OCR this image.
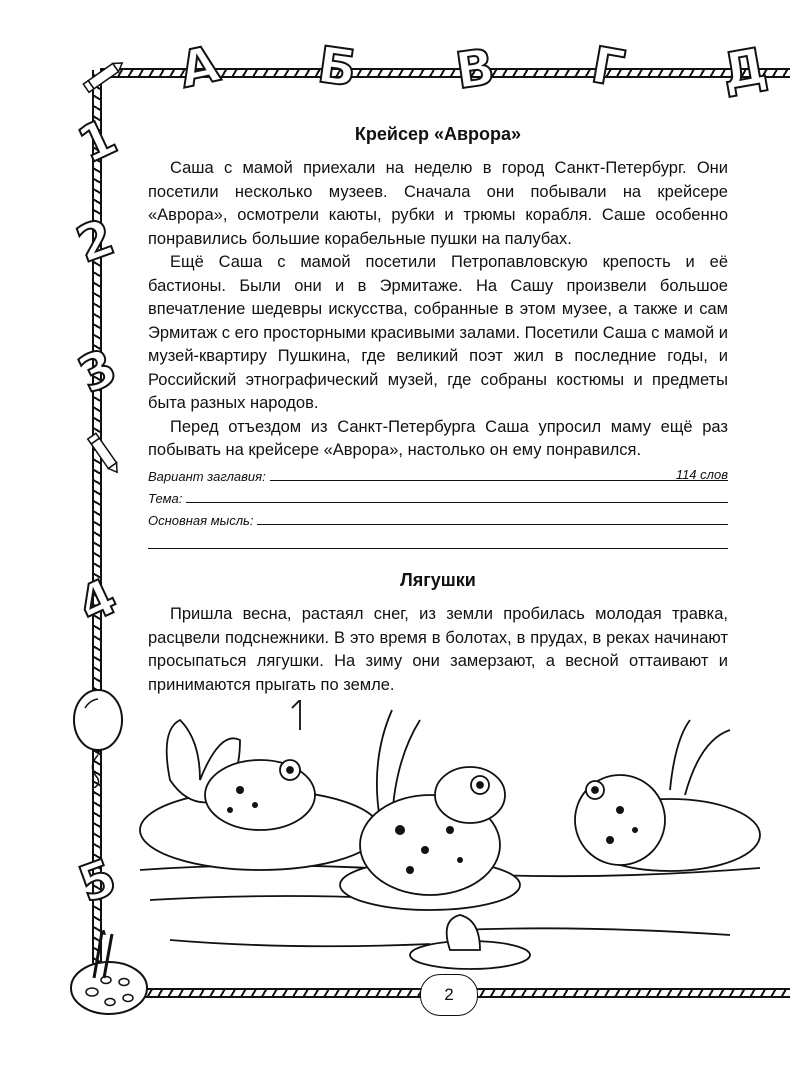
А Б В Г Д
1
2
3
4
5
Крейсер «Аврора»

Саша с мамой приехали на неделю в город Санкт-Петербург. Они посетили несколько музеев. Сначала они побывали на крейсере «Аврора», осмотрели каюты, рубки и трюмы корабля. Саше особенно понравились большие корабельные пушки на палубах.

Ещё Саша с мамой посетили Петропавловскую крепость и её бастионы. Были они и в Эрмитаже. На Сашу произвели большое впечатление шедевры искусства, собранные в этом музее, а также и сам Эрмитаж с его просторными красивыми залами. Посетили Саша с мамой и музей-квартиру Пушкина, где великий поэт жил в последние годы, и Российский этнографический музей, где собраны костюмы и предметы быта разных народов.

Перед отъездом из Санкт-Петербурга Саша упросил маму ещё раз побывать на крейсере «Аврора», настолько он ему понравился.

114 слов
Вариант заглавия:
Тема:
Основная мысль:
Лягушки

Пришла весна, растаял снег, из земли пробилась молодая травка, расцвели подснежники. В это время в болотах, в прудах, в реках начинают просыпаться лягушки. На зиму они замерзают, а весной оттаивают и принимаются прыгать по земле.

2
